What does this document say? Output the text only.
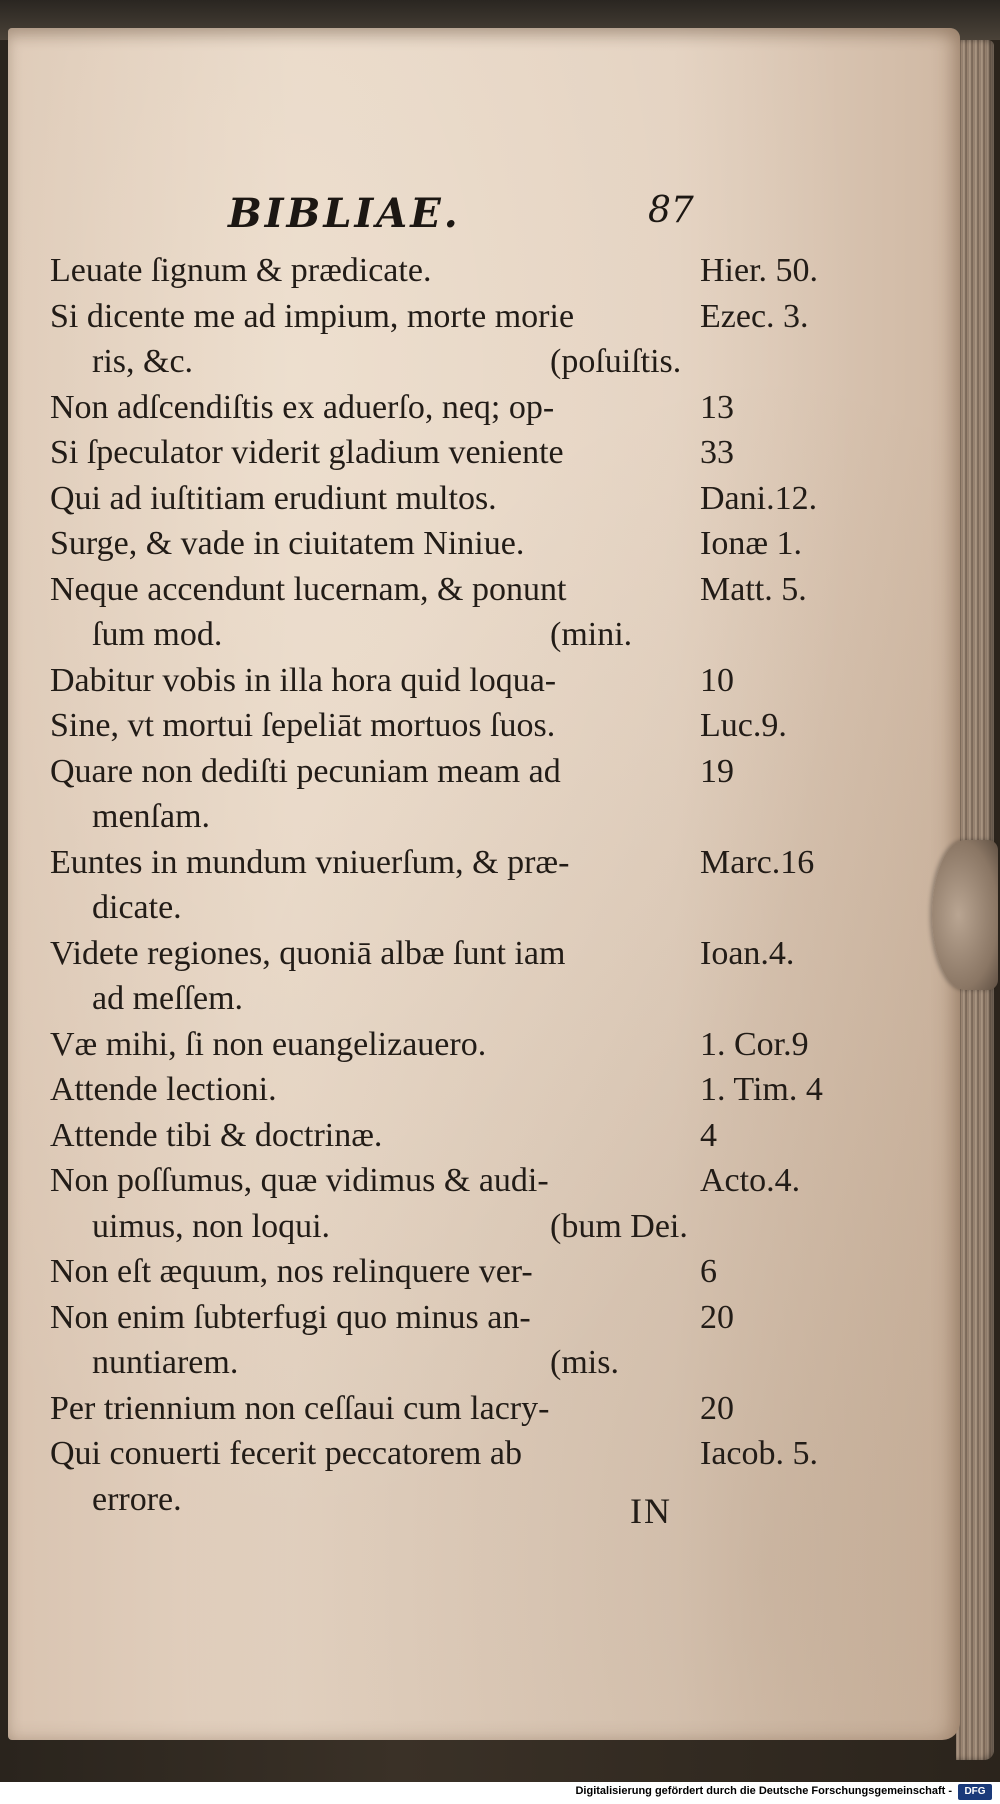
BIBLIAE.	87
Leuate ſignum & prædicate.	Hier. 50.
Si dicente me ad impium, morte morie	Ezec. 3.
ris, &c.	(poſuiſtis.
Non adſcendiſtis ex aduerſo, neq; op-	13
Si ſpeculator viderit gladium veniente	33
Qui ad iuſtitiam erudiunt multos.	Dani.12.
Surge, & vade in ciuitatem Niniue.	Ionæ 1.
Neque accendunt lucernam, & ponunt	Matt. 5.
ſum mod.	(mini.
Dabitur vobis in illa hora quid loqua-	10
Sine, vt mortui ſepeliāt mortuos ſuos.	Luc.9.
Quare non dediſti pecuniam meam ad	19
menſam.
Euntes in mundum vniuerſum, & præ-	Marc.16
dicate.
Videte regiones, quoniā albæ ſunt iam	Ioan.4.
ad meſſem.
Væ mihi, ſi non euangelizauero.	1. Cor.9
Attende lectioni.	1. Tim. 4
Attende tibi & doctrinæ.	4
Non poſſumus, quæ vidimus & audi-	Acto.4.
uimus, non loqui.	(bum Dei.
Non eſt æquum, nos relinquere ver-	6
Non enim ſubterfugi quo minus an-	20
nuntiarem.	(mis.
Per triennium non ceſſaui cum lacry-	20
Qui conuerti fecerit peccatorem ab	Iacob. 5.
errore.	IN
Digitalisierung gefördert durch die Deutsche Forschungsgemeinschaft -	DFG
